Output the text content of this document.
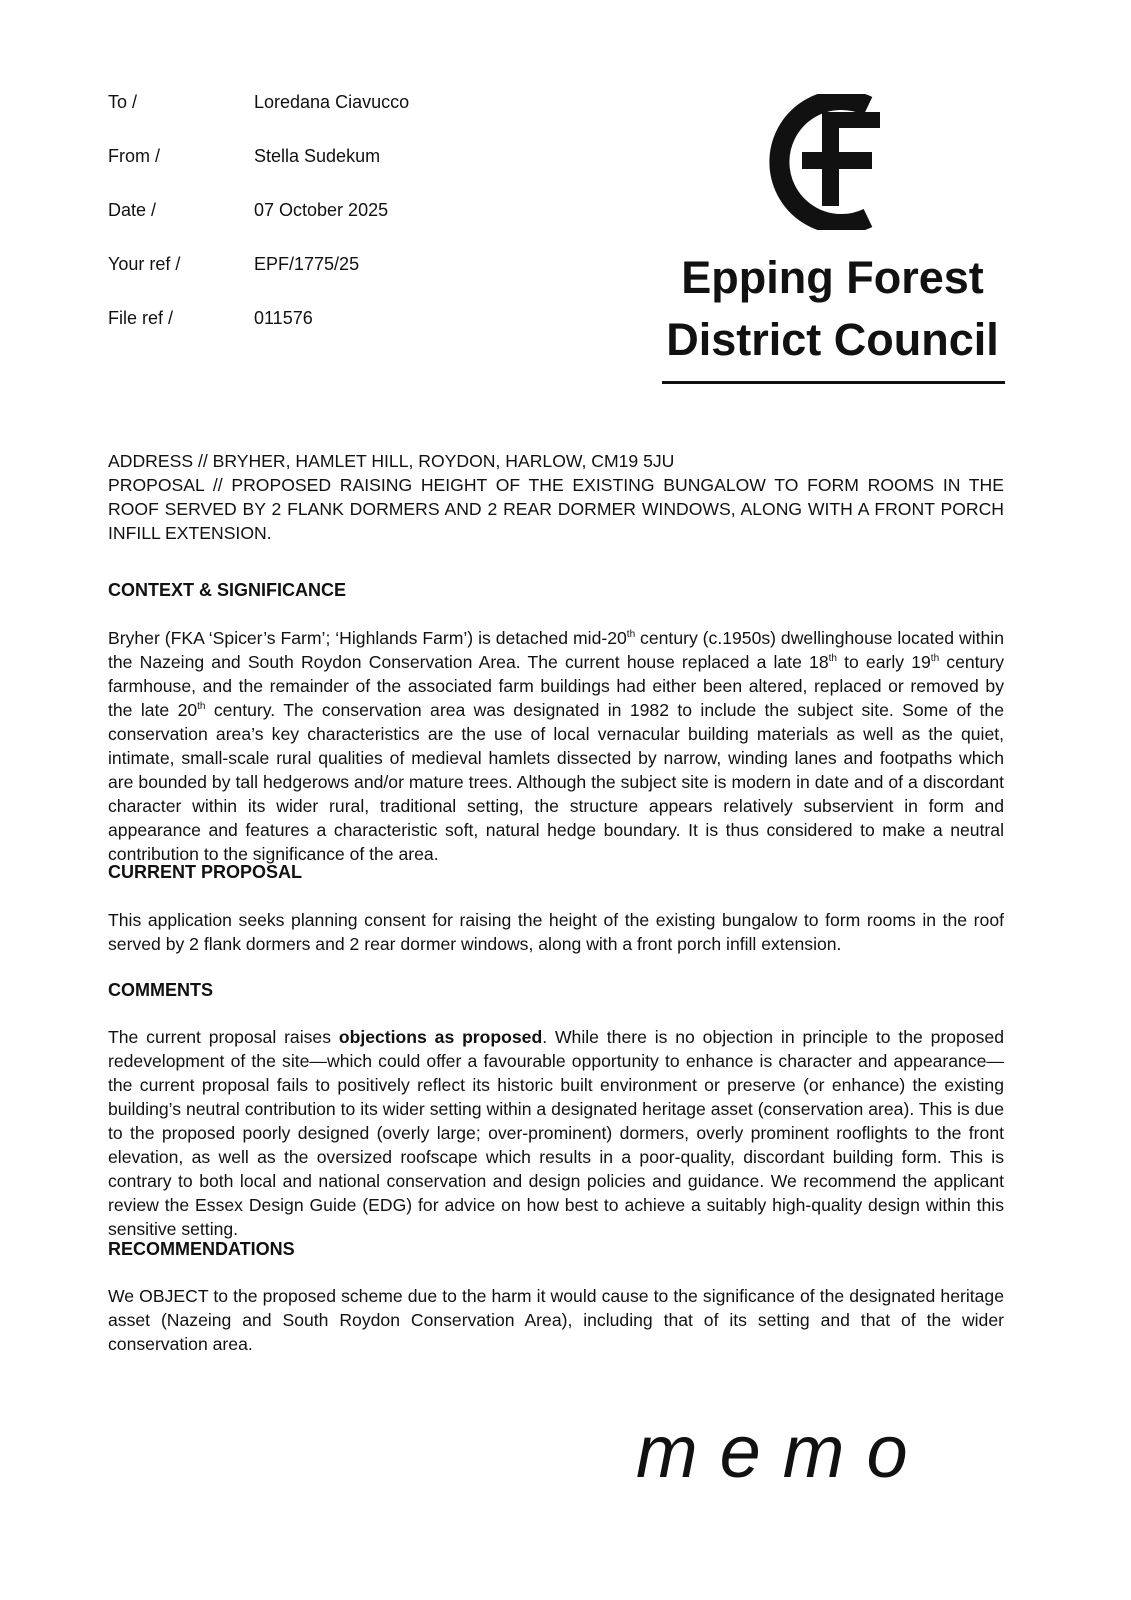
To /	Loredana Ciavucco
From /	Stella Sudekum
Date /	07 October 2025
Your ref /	EPF/1775/25
File ref /	011576
Epping Forest
District Council
ADDRESS // BRYHER, HAMLET HILL, ROYDON, HARLOW, CM19 5JU
PROPOSAL // PROPOSED RAISING HEIGHT OF THE EXISTING BUNGALOW TO FORM ROOMS IN THE ROOF SERVED BY 2 FLANK DORMERS AND 2 REAR DORMER WINDOWS, ALONG WITH A FRONT PORCH INFILL EXTENSION.
CONTEXT & SIGNIFICANCE
Bryher (FKA ‘Spicer’s Farm’; ‘Highlands Farm’) is detached mid-20th century (c.1950s) dwellinghouse located within the Nazeing and South Roydon Conservation Area. The current house replaced a late 18th to early 19th century farmhouse, and the remainder of the associated farm buildings had either been altered, replaced or removed by the late 20th century. The conservation area was designated in 1982 to include the subject site. Some of the conservation area’s key characteristics are the use of local vernacular building materials as well as the quiet, intimate, small-scale rural qualities of medieval hamlets dissected by narrow, winding lanes and footpaths which are bounded by tall hedgerows and/or mature trees. Although the subject site is modern in date and of a discordant character within its wider rural, traditional setting, the structure appears relatively subservient in form and appearance and features a characteristic soft, natural hedge boundary. It is thus considered to make a neutral contribution to the significance of the area.
CURRENT PROPOSAL
This application seeks planning consent for raising the height of the existing bungalow to form rooms in the roof served by 2 flank dormers and 2 rear dormer windows, along with a front porch infill extension.
COMMENTS
The current proposal raises objections as proposed. While there is no objection in principle to the proposed redevelopment of the site—which could offer a favourable opportunity to enhance is character and appearance—the current proposal fails to positively reflect its historic built environment or preserve (or enhance) the existing building’s neutral contribution to its wider setting within a designated heritage asset (conservation area). This is due to the proposed poorly designed (overly large; over-prominent) dormers, overly prominent rooflights to the front elevation, as well as the oversized roofscape which results in a poor-quality, discordant building form. This is contrary to both local and national conservation and design policies and guidance. We recommend the applicant review the Essex Design Guide (EDG) for advice on how best to achieve a suitably high-quality design within this sensitive setting.
RECOMMENDATIONS
We OBJECT to the proposed scheme due to the harm it would cause to the significance of the designated heritage asset (Nazeing and South Roydon Conservation Area), including that of its setting and that of the wider conservation area.
memo
